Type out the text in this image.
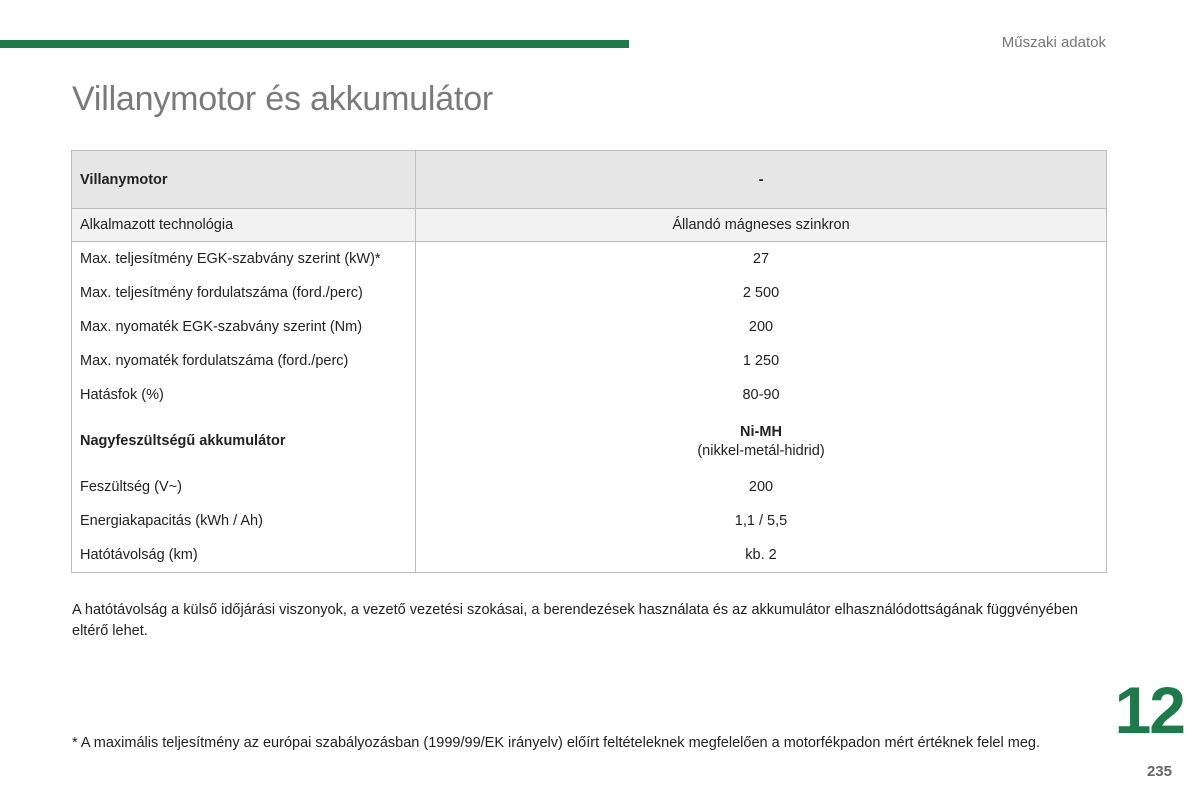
Műszaki adatok
Villanymotor és akkumulátor
Villanymotor	-
Alkalmazott technológia	Állandó mágneses szinkron
Max. teljesítmény EGK-szabvány szerint (kW)*	27
Max. teljesítmény fordulatszáma (ford./perc)	2 500
Max. nyomaték EGK-szabvány szerint (Nm)	200
Max. nyomaték fordulatszáma (ford./perc)	1 250
Hatásfok (%)	80-90
Nagyfeszültségű akkumulátor	Ni-MH
(nikkel-metál-hidrid)

Feszültség (V~)	200
Energiakapacitás (kWh / Ah)	1,1 / 5,5
Hatótávolság (km)	kb. 2
A hatótávolság a külső időjárási viszonyok, a vezető vezetési szokásai, a berendezések használata és az akkumulátor elhasználódottságának függvényében eltérő lehet.
* A maximális teljesítmény az európai szabályozásban (1999/99/EK irányelv) előírt feltételeknek megfelelően a motorfékpadon mért értéknek felel meg. 12
235
